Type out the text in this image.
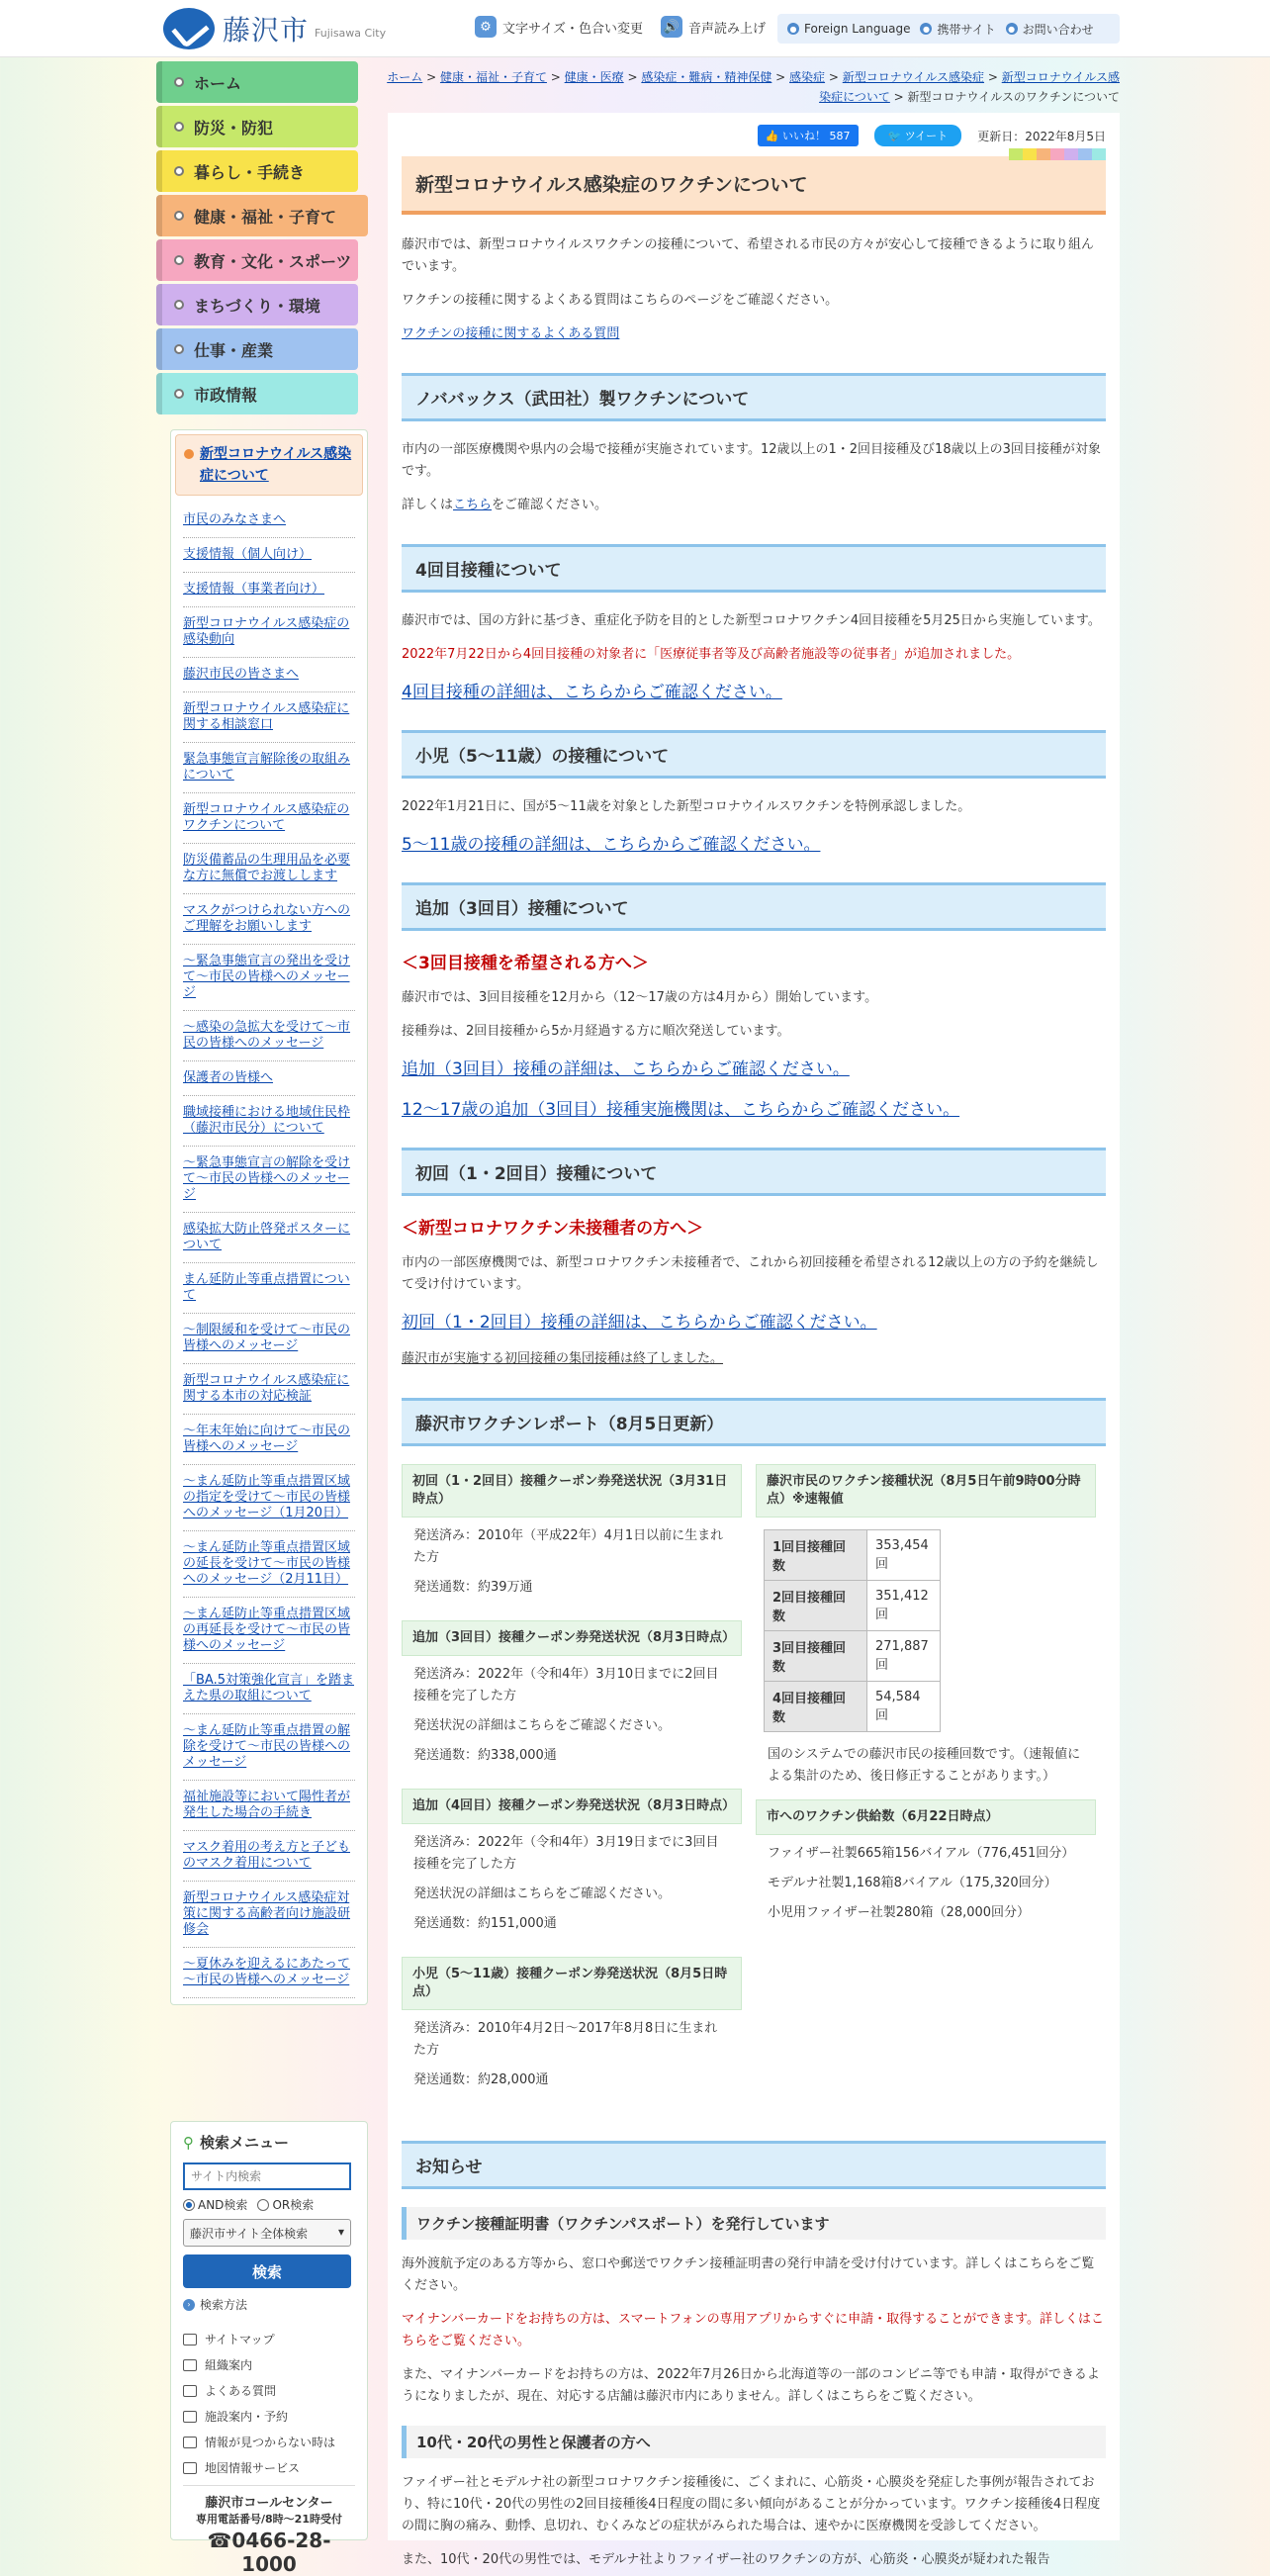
藤沢市 Fujisawa City	⚙ 文字サイズ・色合い変更 🔊 音声読み上げ	● Foreign Language	● 携帯サイト	● お問い合わせ
ホーム
防災・防犯
暮らし・手続き
健康・福祉・子育て
教育・文化・スポーツ
まちづくり・環境
仕事・産業
市政情報
新型コロナウイルス感染症について
市民のみなさまへ
支援情報（個人向け）
支援情報（事業者向け）
新型コロナウイルス感染症の感染動向
藤沢市民の皆さまへ
新型コロナウイルス感染症に関する相談窓口
緊急事態宣言解除後の取組みについて
新型コロナウイルス感染症のワクチンについて
防災備蓄品の生理用品を必要な方に無償でお渡しします
マスクがつけられない方へのご理解をお願いします
～緊急事態宣言の発出を受けて～市民の皆様へのメッセージ
～感染の急拡大を受けて～市民の皆様へのメッセージ
保護者の皆様へ
職域接種における地域住民枠（藤沢市民分）について
～緊急事態宣言の解除を受けて～市民の皆様へのメッセージ
感染拡大防止啓発ポスターについて
まん延防止等重点措置について
～制限緩和を受けて～市民の皆様へのメッセージ
新型コロナウイルス感染症に関する本市の対応検証
～年末年始に向けて～市民の皆様へのメッセージ
～まん延防止等重点措置区域の指定を受けて～市民の皆様へのメッセージ（1月20日）
～まん延防止等重点措置区域の延長を受けて～市民の皆様へのメッセージ（2月11日）
～まん延防止等重点措置区域の再延長を受けて～市民の皆様へのメッセージ
「BA.5対策強化宣言」を踏まえた県の取組について
～まん延防止等重点措置の解除を受けて～市民の皆様へのメッセージ
福祉施設等において陽性者が発生した場合の手続き
マスク着用の考え方と子どものマスク着用について
新型コロナウイルス感染症対策に関する高齢者向け施設研修会
～夏休みを迎えるにあたって～市民の皆様へのメッセージ
⚲ 検索メニュー
サイト内検索
AND検索 OR検索
藤沢市サイト全体検索	▾
検索
› 検索方法
サイトマップ
組織案内
よくある質問
施設案内・予約
情報が見つからない時は
地図情報サービス
藤沢市コールセンター
専用電話番号/8時～21時受付
☎0466-28-1000
ホーム > 健康・福祉・子育て > 健康・医療 > 感染症・難病・精神保健 > 感染症 > 新型コロナウイルス感染症 > 新型コロナウイルス感染症について > 新型コロナウイルスのワクチンについて
👍 いいね！ 587	🐦 ツイート	更新日：2022年8月5日
新型コロナウイルス感染症のワクチンについて

藤沢市では、新型コロナウイルスワクチンの接種について、希望される市民の方々が安心して接種できるように取り組んでいます。

ワクチンの接種に関するよくある質問はこちらのページをご確認ください。

ワクチンの接種に関するよくある質問

ノババックス（武田社）製ワクチンについて

市内の一部医療機関や県内の会場で接種が実施されています。12歳以上の1・2回目接種及び18歳以上の3回目接種が対象です。

詳しくはこちらをご確認ください。

4回目接種について

藤沢市では、国の方針に基づき、重症化予防を目的とした新型コロナワクチン4回目接種を5月25日から実施しています。

2022年7月22日から4回目接種の対象者に「医療従事者等及び高齢者施設等の従事者」が追加されました。

4回目接種の詳細は、こちらからご確認ください。
小児（5～11歳）の接種について

2022年1月21日に、国が5～11歳を対象とした新型コロナウイルスワクチンを特例承認しました。

5～11歳の接種の詳細は、こちらからご確認ください。
追加（3回目）接種について
＜3回目接種を希望される方へ＞

藤沢市では、3回目接種を12月から（12～17歳の方は4月から）開始しています。

接種券は、2回目接種から5か月経過する方に順次発送しています。

追加（3回目）接種の詳細は、こちらからご確認ください。
12～17歳の追加（3回目）接種実施機関は、こちらからご確認ください。
初回（1・2回目）接種について
＜新型コロナワクチン未接種者の方へ＞

市内の一部医療機関では、新型コロナワクチン未接種者で、これから初回接種を希望される12歳以上の方の予約を継続して受け付けています。

初回（1・2回目）接種の詳細は、こちらからご確認ください。

藤沢市が実施する初回接種の集団接種は終了しました。

藤沢市ワクチンレポート（8月5日更新）
初回（1・2回目）接種クーポン券発送状況（3月31日時点）

発送済み：2010年（平成22年）4月1日以前に生まれた方

発送通数：約39万通

追加（3回目）接種クーポン券発送状況（8月3日時点）

発送済み：2022年（令和4年）3月10日までに2回目接種を完了した方

発送状況の詳細はこちらをご確認ください。

発送通数：約338,000通

追加（4回目）接種クーポン券発送状況（8月3日時点）

発送済み：2022年（令和4年）3月19日までに3回目接種を完了した方

発送状況の詳細はこちらをご確認ください。

発送通数：約151,000通

小児（5～11歳）接種クーポン券発送状況（8月5日時点）

発送済み：2010年4月2日～2017年8月8日に生まれた方

発送通数：約28,000通

藤沢市民のワクチン接種状況（8月5日午前9時00分時点）※速報値
1回目接種回数	353,454回
2回目接種回数	351,412回
3回目接種回数	271,887回
4回目接種回数	54,584回

国のシステムでの藤沢市民の接種回数です。（速報値による集計のため、後日修正することがあります。）

市へのワクチン供給数（6月22日時点）

ファイザー社製665箱156バイアル（776,451回分）

モデルナ社製1,168箱8バイアル（175,320回分）

小児用ファイザー社製280箱（28,000回分）

お知らせ
ワクチン接種証明書（ワクチンパスポート）を発行しています

海外渡航予定のある方等から、窓口や郵送でワクチン接種証明書の発行申請を受け付けています。詳しくはこちらをご覧ください。

マイナンバーカードをお持ちの方は、スマートフォンの専用アプリからすぐに申請・取得することができます。詳しくはこちらをご覧ください。

また、マイナンバーカードをお持ちの方は、2022年7月26日から北海道等の一部のコンビニ等でも申請・取得ができるようになりましたが、現在、対応する店舗は藤沢市内にありません。詳しくはこちらをご覧ください。

10代・20代の男性と保護者の方へ

ファイザー社とモデルナ社の新型コロナワクチン接種後に、ごくまれに、心筋炎・心膜炎を発症した事例が報告されており、特に10代・20代の男性の2回目接種後4日程度の間に多い傾向があることが分かっています。ワクチン接種後4日程度の間に胸の痛み、動悸、息切れ、むくみなどの症状がみられた場合は、速やかに医療機関を受診してください。

また、10代・20代の男性では、モデルナ社よりファイザー社のワクチンの方が、心筋炎・心膜炎が疑われた報告
